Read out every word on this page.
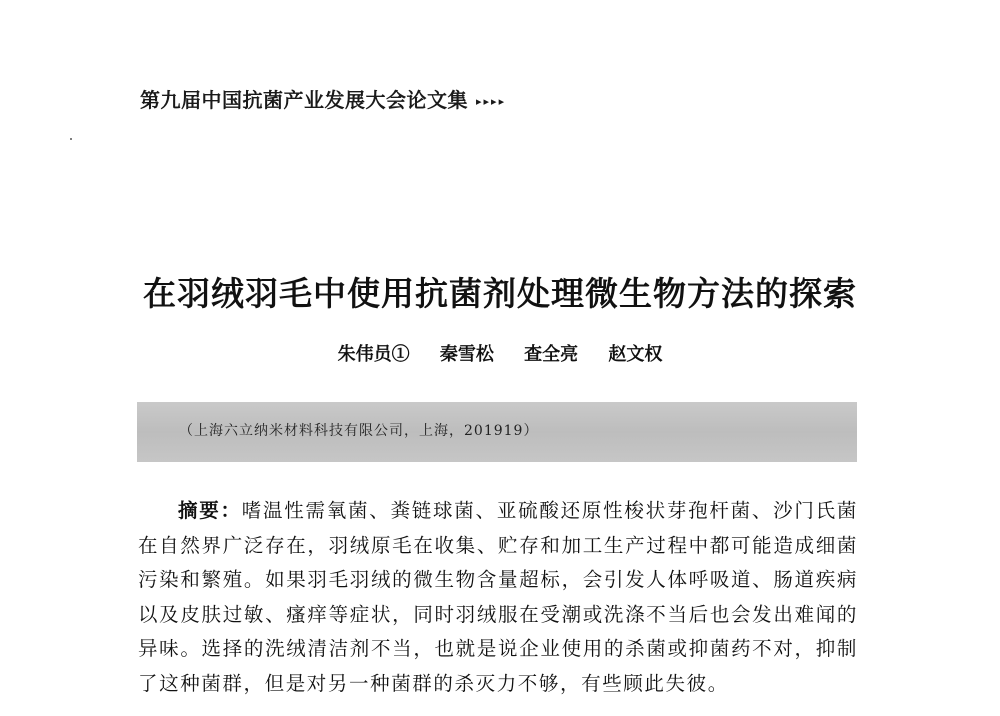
第九届中国抗菌产业发展大会论文集 ▸▸▸▸
在羽绒羽毛中使用抗菌剂处理微生物方法的探索
朱伟员① 秦雪松 查全亮 赵文权
（上海六立纳米材料科技有限公司，上海，201919）
摘要：嗜温性需氧菌、粪链球菌、亚硫酸还原性梭状芽孢杆菌、沙门氏菌在自然界广泛存在，羽绒原毛在收集、贮存和加工生产过程中都可能造成细菌污染和繁殖。如果羽毛羽绒的微生物含量超标，会引发人体呼吸道、肠道疾病以及皮肤过敏、瘙痒等症状，同时羽绒服在受潮或洗涤不当后也会发出难闻的异味。选择的洗绒清洁剂不当，也就是说企业使用的杀菌或抑菌药不对，抑制了这种菌群，但是对另一种菌群的杀灭力不够，有些顾此失彼。
